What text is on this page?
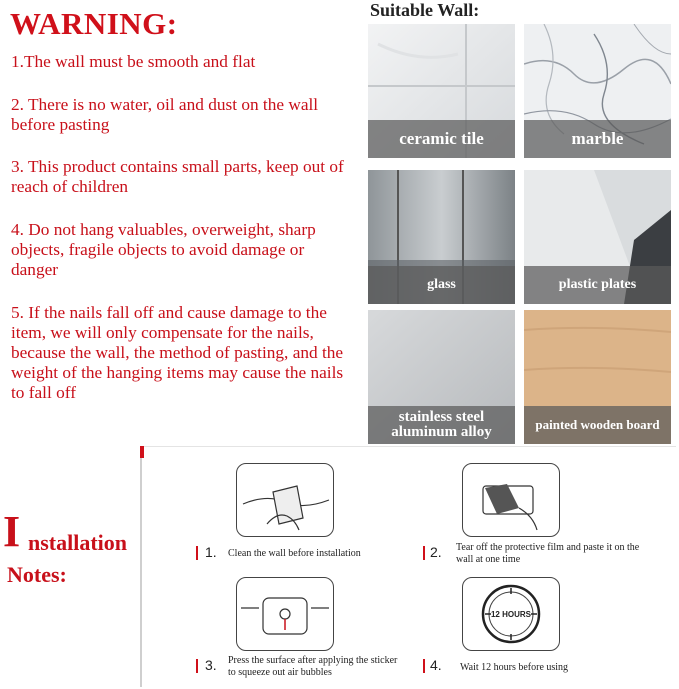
WARNING:

1.The wall must be smooth and flat

2. There is no water, oil and dust on the wall before pasting

3. This product contains small parts, keep out of reach of children

4. Do not hang valuables, overweight, sharp objects, fragile objects to avoid damage or danger

5. If the nails fall off and cause damage to the item, we will only compensate for the nails, because the wall, the method of pasting, and the weight of the hanging items may cause the nails to fall off

Suitable Wall:
ceramic tile	marble
glass	plastic plates
stainless steel
aluminum alloy	painted wooden board
I nstallation
Notes:
1. Clean the wall before installation	2. Tear off the protective film and paste it on the wall at one time
3. Press the surface after applying the sticker to squeeze out air bubbles
12 HOURS
4. Wait 12 hours before using
